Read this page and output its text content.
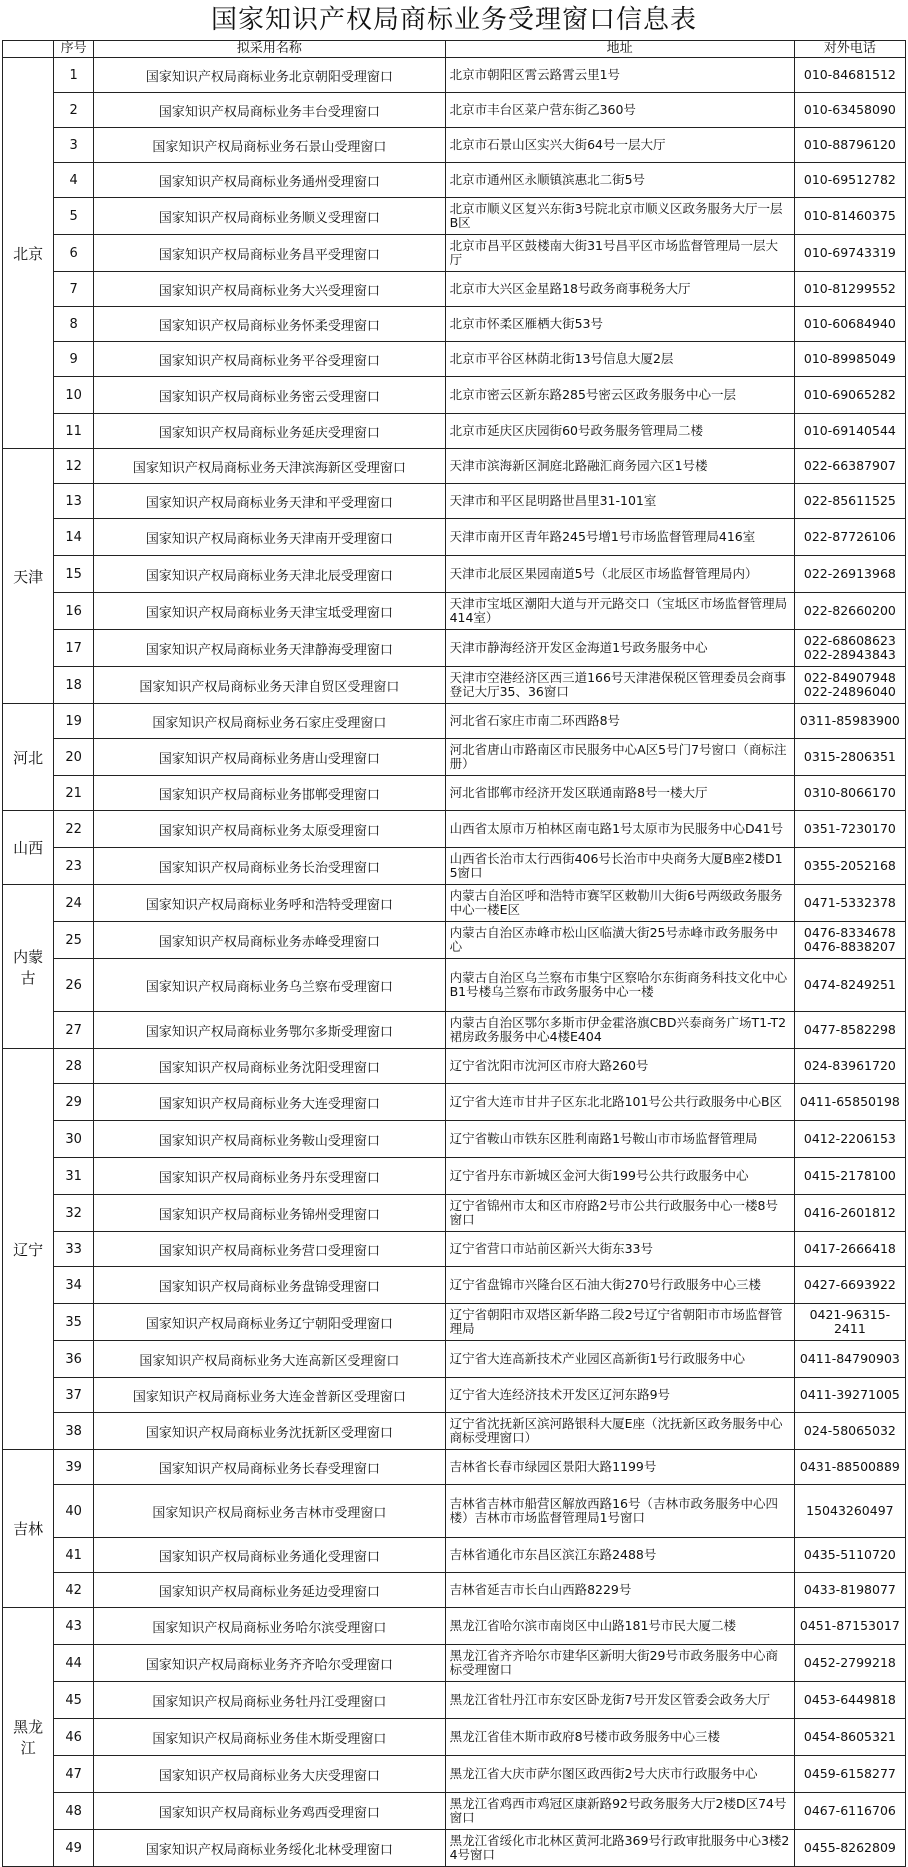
国家知识产权局商标业务受理窗口信息表
	序号	拟采用名称	地址	对外电话
北京	1	国家知识产权局商标业务北京朝阳受理窗口	北京市朝阳区霄云路霄云里1号	010-84681512
	2	国家知识产权局商标业务丰台受理窗口	北京市丰台区菜户营东街乙360号	010-63458090
	3	国家知识产权局商标业务石景山受理窗口	北京市石景山区实兴大街64号一层大厅	010-88796120
	4	国家知识产权局商标业务通州受理窗口	北京市通州区永顺镇滨惠北二街5号	010-69512782
	5	国家知识产权局商标业务顺义受理窗口	北京市顺义区复兴东街3号院北京市顺义区政务服务大厅一层B区	010-81460375
	6	国家知识产权局商标业务昌平受理窗口	北京市昌平区鼓楼南大街31号昌平区市场监督管理局一层大厅	010-69743319
	7	国家知识产权局商标业务大兴受理窗口	北京市大兴区金星路18号政务商事税务大厅	010-81299552
	8	国家知识产权局商标业务怀柔受理窗口	北京市怀柔区雁栖大街53号	010-60684940
	9	国家知识产权局商标业务平谷受理窗口	北京市平谷区林荫北街13号信息大厦2层	010-89985049
	10	国家知识产权局商标业务密云受理窗口	北京市密云区新东路285号密云区政务服务中心一层	010-69065282
	11	国家知识产权局商标业务延庆受理窗口	北京市延庆区庆园街60号政务服务管理局二楼	010-69140544
天津	12	国家知识产权局商标业务天津滨海新区受理窗口	天津市滨海新区洞庭北路融汇商务园六区1号楼	022-66387907
	13	国家知识产权局商标业务天津和平受理窗口	天津市和平区昆明路世昌里31-101室	022-85611525
	14	国家知识产权局商标业务天津南开受理窗口	天津市南开区青年路245号增1号市场监督管理局416室	022-87726106
	15	国家知识产权局商标业务天津北辰受理窗口	天津市北辰区果园南道5号（北辰区市场监督管理局内）	022-26913968
	16	国家知识产权局商标业务天津宝坻受理窗口	天津市宝坻区潮阳大道与开元路交口（宝坻区市场监督管理局414室）	022-82660200
	17	国家知识产权局商标业务天津静海受理窗口	天津市静海经济开发区金海道1号政务服务中心	022-68608623
022-28943843
	18	国家知识产权局商标业务天津自贸区受理窗口	天津市空港经济区西三道166号天津港保税区管理委员会商事登记大厅35、36窗口	022-84907948
022-24896040
河北	19	国家知识产权局商标业务石家庄受理窗口	河北省石家庄市南二环西路8号	0311-85983900
	20	国家知识产权局商标业务唐山受理窗口	河北省唐山市路南区市民服务中心A区5号门7号窗口（商标注册）	0315-2806351
	21	国家知识产权局商标业务邯郸受理窗口	河北省邯郸市经济开发区联通南路8号一楼大厅	0310-8066170
山西	22	国家知识产权局商标业务太原受理窗口	山西省太原市万柏林区南屯路1号太原市为民服务中心D41号	0351-7230170
	23	国家知识产权局商标业务长治受理窗口	山西省长治市太行西街406号长治市中央商务大厦B座2楼D15窗口	0355-2052168
内蒙古	24	国家知识产权局商标业务呼和浩特受理窗口	内蒙古自治区呼和浩特市赛罕区敕勒川大街6号两级政务服务中心一楼E区	0471-5332378
	25	国家知识产权局商标业务赤峰受理窗口	内蒙古自治区赤峰市松山区临潢大街25号赤峰市政务服务中心	0476-8334678
0476-8838207
	26	国家知识产权局商标业务乌兰察布受理窗口	内蒙古自治区乌兰察布市集宁区察哈尔东街商务科技文化中心B1号楼乌兰察布市政务服务中心一楼	0474-8249251
	27	国家知识产权局商标业务鄂尔多斯受理窗口	内蒙古自治区鄂尔多斯市伊金霍洛旗CBD兴泰商务广场T1-T2裙房政务服务中心4楼E404	0477-8582298
辽宁	28	国家知识产权局商标业务沈阳受理窗口	辽宁省沈阳市沈河区市府大路260号	024-83961720
	29	国家知识产权局商标业务大连受理窗口	辽宁省大连市甘井子区东北北路101号公共行政服务中心B区	0411-65850198
	30	国家知识产权局商标业务鞍山受理窗口	辽宁省鞍山市铁东区胜利南路1号鞍山市市场监督管理局	0412-2206153
	31	国家知识产权局商标业务丹东受理窗口	辽宁省丹东市新城区金河大街199号公共行政服务中心	0415-2178100
	32	国家知识产权局商标业务锦州受理窗口	辽宁省锦州市太和区市府路2号市公共行政服务中心一楼8号窗口	0416-2601812
	33	国家知识产权局商标业务营口受理窗口	辽宁省营口市站前区新兴大街东33号	0417-2666418
	34	国家知识产权局商标业务盘锦受理窗口	辽宁省盘锦市兴隆台区石油大街270号行政服务中心三楼	0427-6693922
	35	国家知识产权局商标业务辽宁朝阳受理窗口	辽宁省朝阳市双塔区新华路二段2号辽宁省朝阳市市场监督管理局	0421-96315-
2411
	36	国家知识产权局商标业务大连高新区受理窗口	辽宁省大连高新技术产业园区高新街1号行政服务中心	0411-84790903
	37	国家知识产权局商标业务大连金普新区受理窗口	辽宁省大连经济技术开发区辽河东路9号	0411-39271005
	38	国家知识产权局商标业务沈抚新区受理窗口	辽宁省沈抚新区滨河路银科大厦E座（沈抚新区政务服务中心商标受理窗口）	024-58065032
吉林	39	国家知识产权局商标业务长春受理窗口	吉林省长春市绿园区景阳大路1199号	0431-88500889
	40	国家知识产权局商标业务吉林市受理窗口	吉林省吉林市船营区解放西路16号（吉林市政务服务中心四楼）吉林市市场监督管理局1号窗口	15043260497
	41	国家知识产权局商标业务通化受理窗口	吉林省通化市东昌区滨江东路2488号	0435-5110720
	42	国家知识产权局商标业务延边受理窗口	吉林省延吉市长白山西路8229号	0433-8198077
黑龙江	43	国家知识产权局商标业务哈尔滨受理窗口	黑龙江省哈尔滨市南岗区中山路181号市民大厦二楼	0451-87153017
	44	国家知识产权局商标业务齐齐哈尔受理窗口	黑龙江省齐齐哈尔市建华区新明大街29号市政务服务中心商标受理窗口	0452-2799218
	45	国家知识产权局商标业务牡丹江受理窗口	黑龙江省牡丹江市东安区卧龙街7号开发区管委会政务大厅	0453-6449818
	46	国家知识产权局商标业务佳木斯受理窗口	黑龙江省佳木斯市政府8号楼市政务服务中心三楼	0454-8605321
	47	国家知识产权局商标业务大庆受理窗口	黑龙江省大庆市萨尔图区政西街2号大庆市行政服务中心	0459-6158277
	48	国家知识产权局商标业务鸡西受理窗口	黑龙江省鸡西市鸡冠区康新路92号政务服务大厅2楼D区74号窗口	0467-6116706
	49	国家知识产权局商标业务绥化北林受理窗口	黑龙江省绥化市北林区黄河北路369号行政审批服务中心3楼24号窗口	0455-8262809
